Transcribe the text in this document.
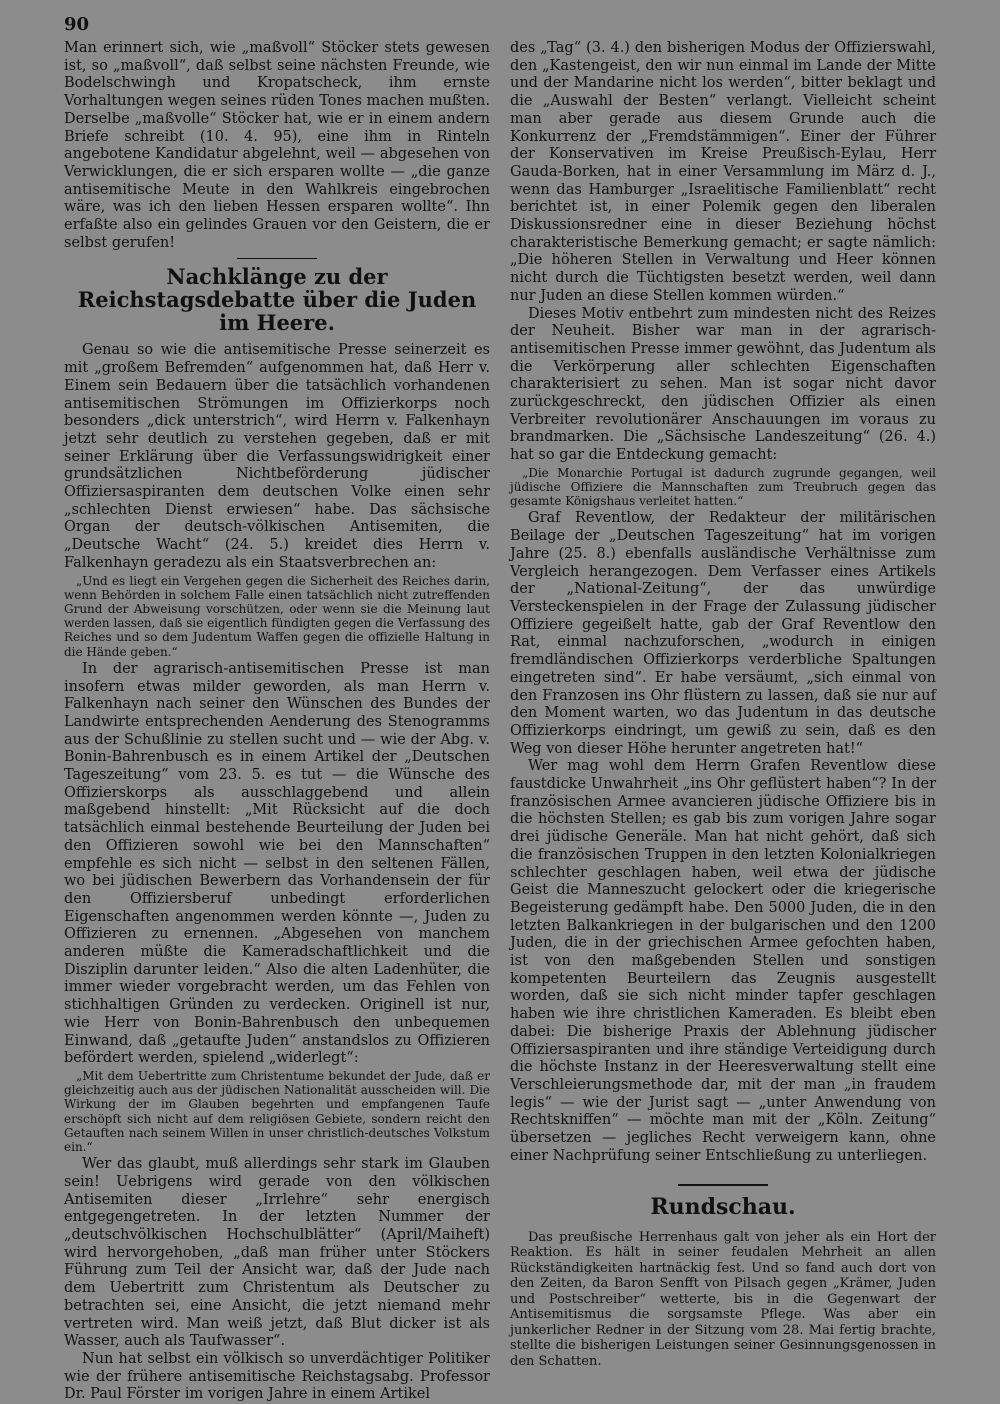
90

Man erinnert sich, wie „maßvoll“ Stöcker stets gewesen ist, so „maßvoll“, daß selbst seine nächsten Freunde, wie Bodelschwingh und Kropatscheck, ihm ernste Vorhaltungen wegen seines rüden Tones machen mußten. Derselbe „maßvolle“ Stöcker hat, wie er in einem andern Briefe schreibt (10. 4. 95), eine ihm in Rinteln angebotene Kandidatur abgelehnt, weil — abgesehen von Verwicklungen, die er sich ersparen wollte — „die ganze antisemitische Meute in den Wahlkreis eingebrochen wäre, was ich den lieben Hessen ersparen wollte“. Ihn erfaßte also ein gelindes Grauen vor den Geistern, die er selbst gerufen!

Nachklänge zu der Reichstagsdebatte über die Juden im Heere.

Genau so wie die antisemitische Presse seinerzeit es mit „großem Befremden“ aufgenommen hat, daß Herr v. Einem sein Bedauern über die tatsächlich vorhandenen antisemitischen Strömungen im Offizierkorps noch besonders „dick unterstrich“, wird Herrn v. Falkenhayn jetzt sehr deutlich zu verstehen gegeben, daß er mit seiner Erklärung über die Verfassungswidrigkeit einer grundsätzlichen Nichtbeförderung jüdischer Offiziersaspiranten dem deutschen Volke einen sehr „schlechten Dienst erwiesen“ habe. Das sächsische Organ der deutsch-völkischen Antisemiten, die „Deutsche Wacht“ (24. 5.) kreidet dies Herrn v. Falkenhayn geradezu als ein Staatsverbrechen an:

„Und es liegt ein Vergehen gegen die Sicherheit des Reiches darin, wenn Behörden in solchem Falle einen tatsächlich nicht zutreffenden Grund der Abweisung vorschützen, oder wenn sie die Meinung laut werden lassen, daß sie eigentlich fündigten gegen die Verfassung des Reiches und so dem Judentum Waffen gegen die offizielle Haltung in die Hände geben.“

In der agrarisch-antisemitischen Presse ist man insofern etwas milder geworden, als man Herrn v. Falkenhayn nach seiner den Wünschen des Bundes der Landwirte entsprechenden Aenderung des Stenogramms aus der Schußlinie zu stellen sucht und — wie der Abg. v. Bonin-Bahrenbusch es in einem Artikel der „Deutschen Tageszeitung“ vom 23. 5. es tut — die Wünsche des Offizierskorps als ausschlaggebend und allein maßgebend hinstellt: „Mit Rücksicht auf die doch tatsächlich einmal bestehende Beurteilung der Juden bei den Offizieren sowohl wie bei den Mannschaften“ empfehle es sich nicht — selbst in den seltenen Fällen, wo bei jüdischen Bewerbern das Vorhandensein der für den Offiziersberuf unbedingt erforderlichen Eigenschaften angenommen werden könnte —, Juden zu Offizieren zu ernennen. „Abgesehen von manchem anderen müßte die Kameradschaftlichkeit und die Disziplin darunter leiden.“ Also die alten Ladenhüter, die immer wieder vorgebracht werden, um das Fehlen von stichhaltigen Gründen zu verdecken. Originell ist nur, wie Herr von Bonin-Bahrenbusch den unbequemen Einwand, daß „getaufte Juden“ anstandslos zu Offizieren befördert werden, spielend „widerlegt“:

„Mit dem Uebertritte zum Christentume bekundet der Jude, daß er gleichzeitig auch aus der jüdischen Nationalität ausscheiden will. Die Wirkung der im Glauben begehrten und empfangenen Taufe erschöpft sich nicht auf dem religiösen Gebiete, sondern reicht den Getauften nach seinem Willen in unser christlich-deutsches Volkstum ein.“

Wer das glaubt, muß allerdings sehr stark im Glauben sein! Uebrigens wird gerade von den völkischen Antisemiten dieser „Irrlehre“ sehr energisch entgegengetreten. In der letzten Nummer der „deutschvölkischen Hochschulblätter“ (April/Maiheft) wird hervorgehoben, „daß man früher unter Stöckers Führung zum Teil der Ansicht war, daß der Jude nach dem Uebertritt zum Christentum als Deutscher zu betrachten sei, eine Ansicht, die jetzt niemand mehr vertreten wird. Man weiß jetzt, daß Blut dicker ist als Wasser, auch als Taufwasser“.

Nun hat selbst ein völkisch so unverdächtiger Politiker wie der frühere antisemitische Reichstagsabg. Professor Dr. Paul Förster im vorigen Jahre in einem Artikel

des „Tag“ (3. 4.) den bisherigen Modus der Offizierswahl, den „Kastengeist, den wir nun einmal im Lande der Mitte und der Mandarine nicht los werden“, bitter beklagt und die „Auswahl der Besten“ verlangt. Vielleicht scheint man aber gerade aus diesem Grunde auch die Konkurrenz der „Fremdstämmigen“. Einer der Führer der Konservativen im Kreise Preußisch-Eylau, Herr Gauda-Borken, hat in einer Versammlung im März d. J., wenn das Hamburger „Israelitische Familienblatt“ recht berichtet ist, in einer Polemik gegen den liberalen Diskussionsredner eine in dieser Beziehung höchst charakteristische Bemerkung gemacht; er sagte nämlich: „Die höheren Stellen in Verwaltung und Heer können nicht durch die Tüchtigsten besetzt werden, weil dann nur Juden an diese Stellen kommen würden.“

Dieses Motiv entbehrt zum mindesten nicht des Reizes der Neuheit. Bisher war man in der agrarisch-antisemitischen Presse immer gewöhnt, das Judentum als die Verkörperung aller schlechten Eigenschaften charakterisiert zu sehen. Man ist sogar nicht davor zurückgeschreckt, den jüdischen Offizier als einen Verbreiter revolutionärer Anschauungen im voraus zu brandmarken. Die „Sächsische Landeszeitung“ (26. 4.) hat so gar die Entdeckung gemacht:

„Die Monarchie Portugal ist dadurch zugrunde gegangen, weil jüdische Offiziere die Mannschaften zum Treubruch gegen das gesamte Königshaus verleitet hatten.“

Graf Reventlow, der Redakteur der militärischen Beilage der „Deutschen Tageszeitung“ hat im vorigen Jahre (25. 8.) ebenfalls ausländische Verhältnisse zum Vergleich herangezogen. Dem Verfasser eines Artikels der „National-Zeitung“, der das unwürdige Versteckenspielen in der Frage der Zulassung jüdischer Offiziere gegeißelt hatte, gab der Graf Reventlow den Rat, einmal nachzuforschen, „wodurch in einigen fremdländischen Offizierkorps verderbliche Spaltungen eingetreten sind“. Er habe versäumt, „sich einmal von den Franzosen ins Ohr flüstern zu lassen, daß sie nur auf den Moment warten, wo das Judentum in das deutsche Offizierkorps eindringt, um gewiß zu sein, daß es den Weg von dieser Höhe herunter angetreten hat!“

Wer mag wohl dem Herrn Grafen Reventlow diese faustdicke Unwahrheit „ins Ohr geflüstert haben“? In der französischen Armee avancieren jüdische Offiziere bis in die höchsten Stellen; es gab bis zum vorigen Jahre sogar drei jüdische Generäle. Man hat nicht gehört, daß sich die französischen Truppen in den letzten Kolonialkriegen schlechter geschlagen haben, weil etwa der jüdische Geist die Manneszucht gelockert oder die kriegerische Begeisterung gedämpft habe. Den 5000 Juden, die in den letzten Balkankriegen in der bulgarischen und den 1200 Juden, die in der griechischen Armee gefochten haben, ist von den maßgebenden Stellen und sonstigen kompetenten Beurteilern das Zeugnis ausgestellt worden, daß sie sich nicht minder tapfer geschlagen haben wie ihre christlichen Kameraden. Es bleibt eben dabei: Die bisherige Praxis der Ablehnung jüdischer Offiziersaspiranten und ihre ständige Verteidigung durch die höchste Instanz in der Heeresverwaltung stellt eine Verschleierungsmethode dar, mit der man „in fraudem legis“ — wie der Jurist sagt — „unter Anwendung von Rechtskniffen“ — möchte man mit der „Köln. Zeitung“ übersetzen — jegliches Recht verweigern kann, ohne einer Nachprüfung seiner Entschließung zu unterliegen.

Rundschau.

Das preußische Herrenhaus galt von jeher als ein Hort der Reaktion. Es hält in seiner feudalen Mehrheit an allen Rückständigkeiten hartnäckig fest. Und so fand auch dort von den Zeiten, da Baron Senfft von Pilsach gegen „Krämer, Juden und Postschreiber“ wetterte, bis in die Gegenwart der Antisemitismus die sorgsamste Pflege. Was aber ein junkerlicher Redner in der Sitzung vom 28. Mai fertig brachte, stellte die bisherigen Leistungen seiner Gesinnungsgenossen in den Schatten.
